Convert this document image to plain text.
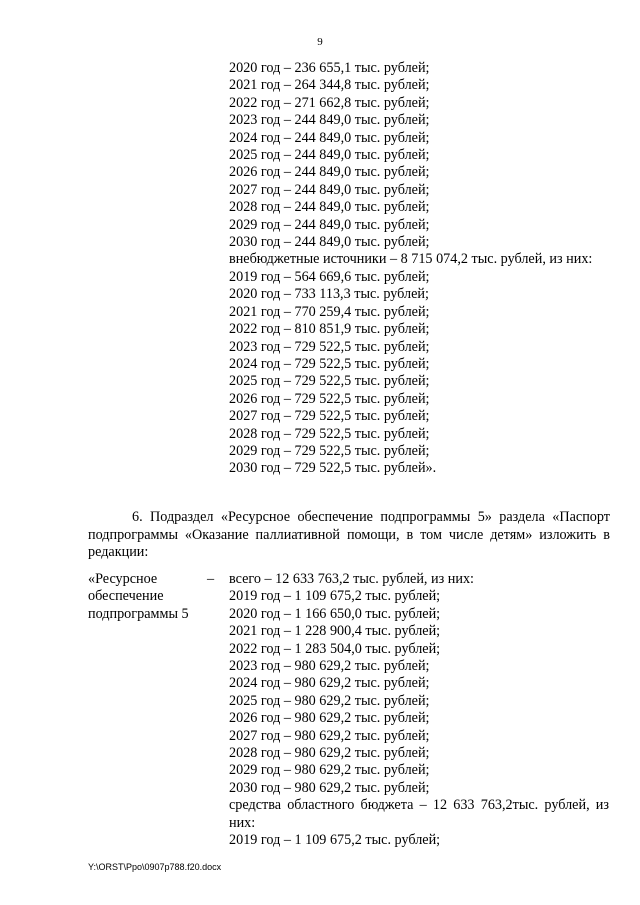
9
2020 год – 236 655,1 тыс. рублей;
2021 год – 264 344,8 тыс. рублей;
2022 год – 271 662,8 тыс. рублей;
2023 год – 244 849,0 тыс. рублей;
2024 год – 244 849,0 тыс. рублей;
2025 год – 244 849,0 тыс. рублей;
2026 год – 244 849,0 тыс. рублей;
2027 год – 244 849,0 тыс. рублей;
2028 год – 244 849,0 тыс. рублей;
2029 год – 244 849,0 тыс. рублей;
2030 год – 244 849,0 тыс. рублей;
внебюджетные источники – 8 715 074,2 тыс. рублей, из них:
2019 год – 564 669,6 тыс. рублей;
2020 год – 733 113,3 тыс. рублей;
2021 год – 770 259,4 тыс. рублей;
2022 год – 810 851,9 тыс. рублей;
2023 год – 729 522,5 тыс. рублей;
2024 год – 729 522,5 тыс. рублей;
2025 год – 729 522,5 тыс. рублей;
2026 год – 729 522,5 тыс. рублей;
2027 год – 729 522,5 тыс. рублей;
2028 год – 729 522,5 тыс. рублей;
2029 год – 729 522,5 тыс. рублей;
2030 год – 729 522,5 тыс. рублей».
6. Подраздел «Ресурсное обеспечение подпрограммы 5» раздела «Паспорт подпрограммы «Оказание паллиативной помощи, в том числе детям» изложить в редакции:
«Ресурсное обеспечение подпрограммы 5
– всего – 12 633 763,2 тыс. рублей, из них:
2019 год – 1 109 675,2 тыс. рублей;
2020 год – 1 166 650,0 тыс. рублей;
2021 год – 1 228 900,4 тыс. рублей;
2022 год – 1 283 504,0 тыс. рублей;
2023 год – 980 629,2 тыс. рублей;
2024 год – 980 629,2 тыс. рублей;
2025 год – 980 629,2 тыс. рублей;
2026 год – 980 629,2 тыс. рублей;
2027 год – 980 629,2 тыс. рублей;
2028 год – 980 629,2 тыс. рублей;
2029 год – 980 629,2 тыс. рублей;
2030 год – 980 629,2 тыс. рублей;
средства областного бюджета – 12 633 763,2тыс. рублей, из них:
2019 год – 1 109 675,2 тыс. рублей;
Y:\ORST\Ppo\0907p788.f20.docx
